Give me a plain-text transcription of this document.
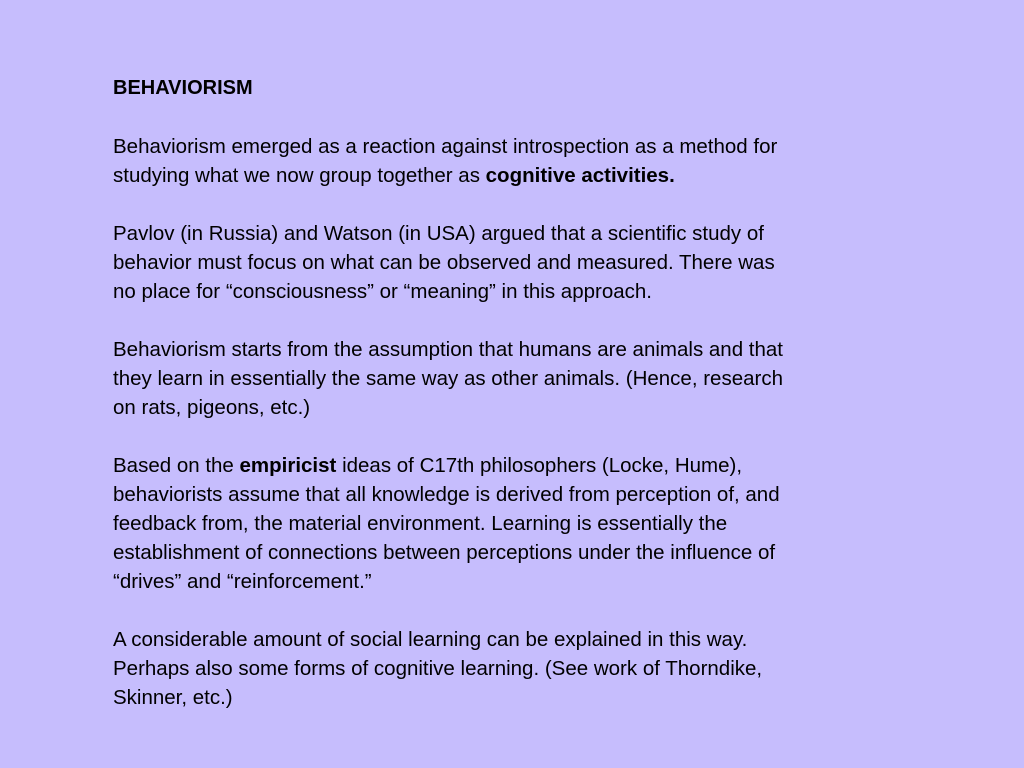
BEHAVIORISM
Behaviorism emerged as a reaction against introspection as a method for
studying what we now group together as cognitive activities.
Pavlov (in Russia) and Watson (in USA) argued that a scientific study of
behavior must focus on what can be observed and measured. There was
no place for “consciousness” or “meaning” in this approach.
Behaviorism starts from the assumption that humans are animals and that
they learn in essentially the same way as other animals. (Hence, research
on rats, pigeons, etc.)
Based on the empiricist ideas of C17th philosophers (Locke, Hume),
behaviorists assume that all knowledge is derived from perception of, and
feedback from, the material environment. Learning is essentially the
establishment of connections between perceptions under the influence of
“drives” and “reinforcement.”
A considerable amount of social learning can be explained in this way.
Perhaps also some forms of cognitive learning. (See work of Thorndike,
Skinner, etc.)
